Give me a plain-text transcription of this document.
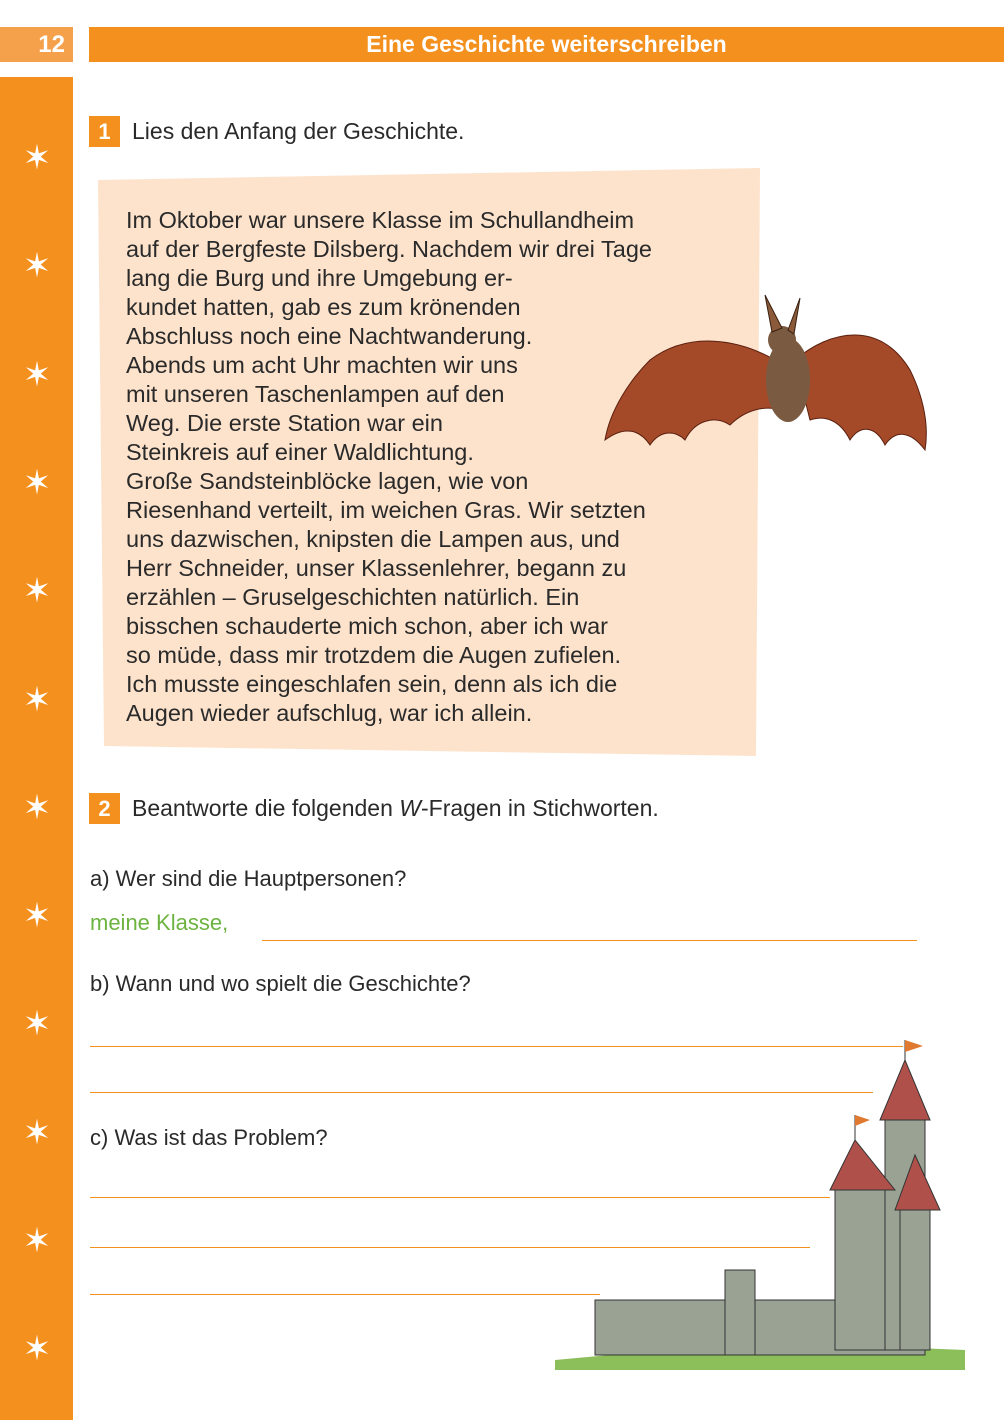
12	Eine Geschichte weiterschreiben
✶
✶
✶
✶
✶
✶
✶
✶
✶
✶
✶
✶
1 Lies den Anfang der Geschichte.
Im Oktober war unsere Klasse im Schullandheim
auf der Bergfeste Dilsberg. Nachdem wir drei Tage
lang die Burg und ihre Umgebung er-
kundet hatten, gab es zum krönenden
Abschluss noch eine Nachtwanderung.
Abends um acht Uhr machten wir uns
mit unseren Taschenlampen auf den
Weg. Die erste Station war ein
Steinkreis auf einer Waldlichtung.
Große Sandsteinblöcke lagen, wie von
Riesenhand verteilt, im weichen Gras. Wir setzten
uns dazwischen, knipsten die Lampen aus, und
Herr Schneider, unser Klassenlehrer, begann zu
erzählen – Gruselgeschichten natürlich. Ein
bisschen schauderte mich schon, aber ich war
so müde, dass mir trotzdem die Augen zufielen.
Ich musste eingeschlafen sein, denn als ich die
Augen wieder aufschlug, war ich allein.
2 Beantworte die folgenden W-Fragen in Stichworten.
a) Wer sind die Hauptpersonen?
meine Klasse,
b) Wann und wo spielt die Geschichte?
c) Was ist das Problem?
